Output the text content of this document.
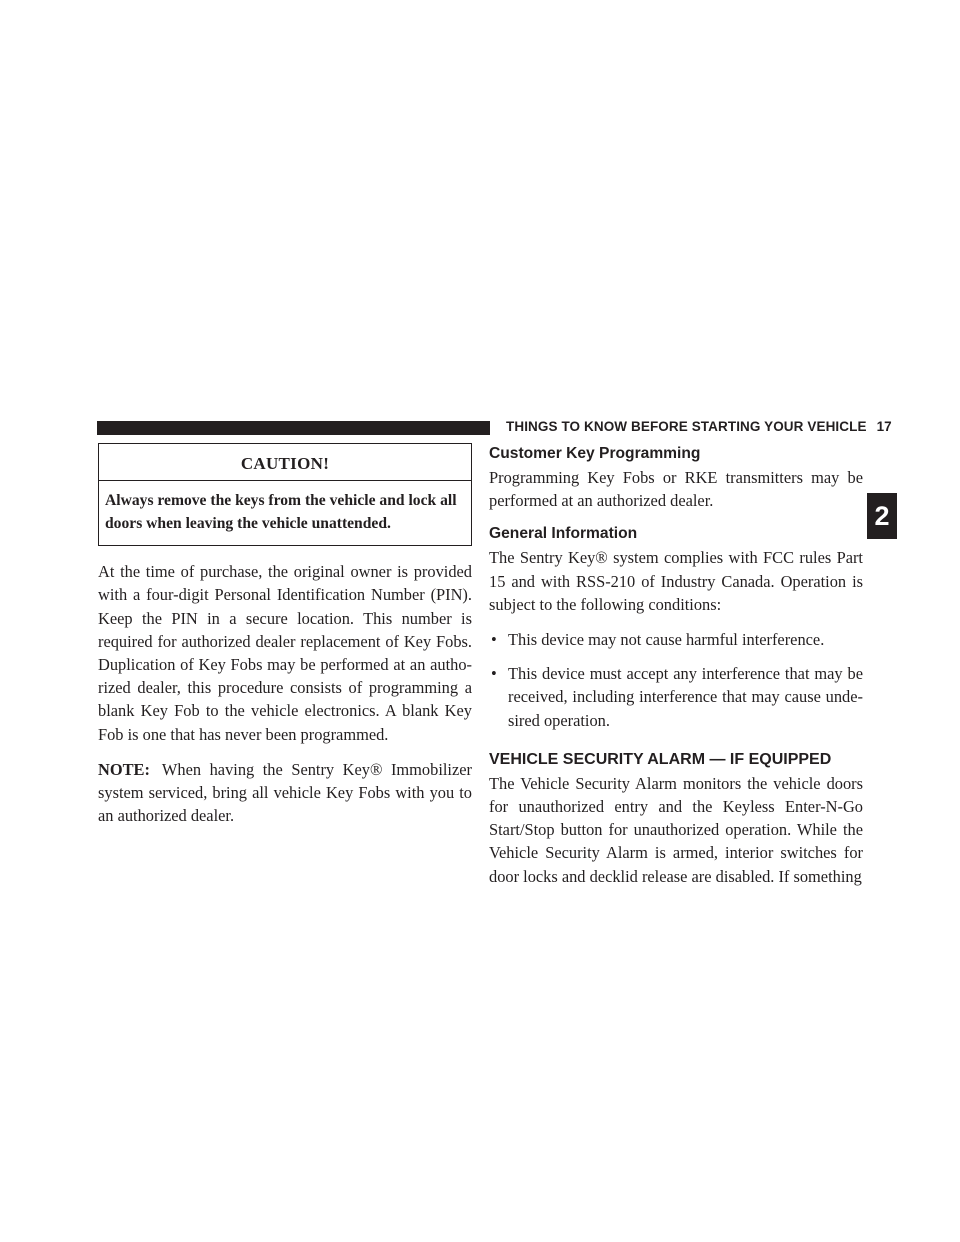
THINGS TO KNOW BEFORE STARTING YOUR VEHICLE 17
2
CAUTION!
Always remove the keys from the vehicle and lock all doors when leaving the vehicle unattended.

At the time of purchase, the original owner is provided with a four-digit Personal Identification Number (PIN). Keep the PIN in a secure location. This number is required for authorized dealer replacement of Key Fobs. Duplication of Key Fobs may be performed at an autho-rized dealer, this procedure consists of programming a blank Key Fob to the vehicle electronics. A blank Key Fob is one that has never been programmed.

NOTE: When having the Sentry Key® Immobilizer system serviced, bring all vehicle Key Fobs with you to an authorized dealer.

Customer Key Programming

Programming Key Fobs or RKE transmitters may be performed at an authorized dealer.

General Information

The Sentry Key® system complies with FCC rules Part 15 and with RSS-210 of Industry Canada. Operation is subject to the following conditions:

• This device may not cause harmful interference.
• This device must accept any interference that may be received, including interference that may cause unde-sired operation.
VEHICLE SECURITY ALARM — IF EQUIPPED

The Vehicle Security Alarm monitors the vehicle doors for unauthorized entry and the Keyless Enter-N-Go Start/Stop button for unauthorized operation. While the Vehicle Security Alarm is armed, interior switches for door locks and decklid release are disabled. If something
